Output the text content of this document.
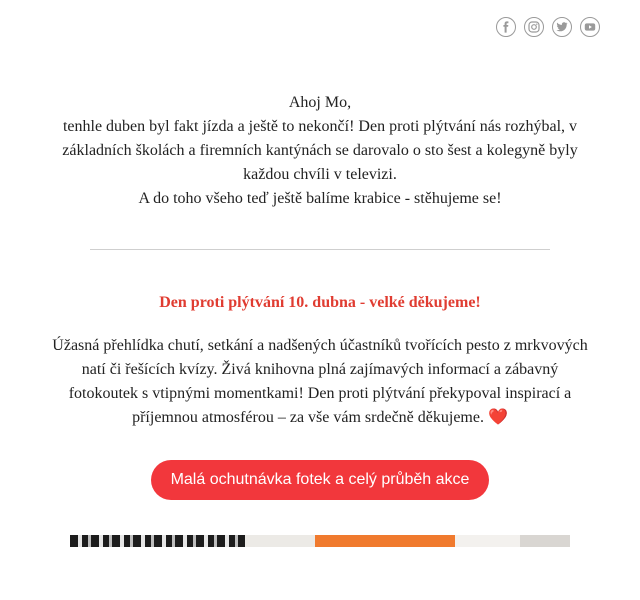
Ahoj Mo,

tenhle duben byl fakt jízda a ještě to nekončí! Den proti plýtvání nás rozhýbal, v základních školách a firemních kantýnách se darovalo o sto šest a kolegyně byly každou chvíli v televizi.

A do toho všeho teď ještě balíme krabice - stěhujeme se!

Den proti plýtvání 10. dubna - velké děkujeme!
Úžasná přehlídka chutí, setkání a nadšených účastníků tvořících pesto z mrkvových natí či řešících kvízy. Živá knihovna plná zajímavých informací a zábavný fotokoutek s vtipnými momentkami! Den proti plýtvání překypoval inspirací a příjemnou atmosférou – za vše vám srdečně děkujeme. ❤️
Malá ochutnávka fotek a celý průběh akce
